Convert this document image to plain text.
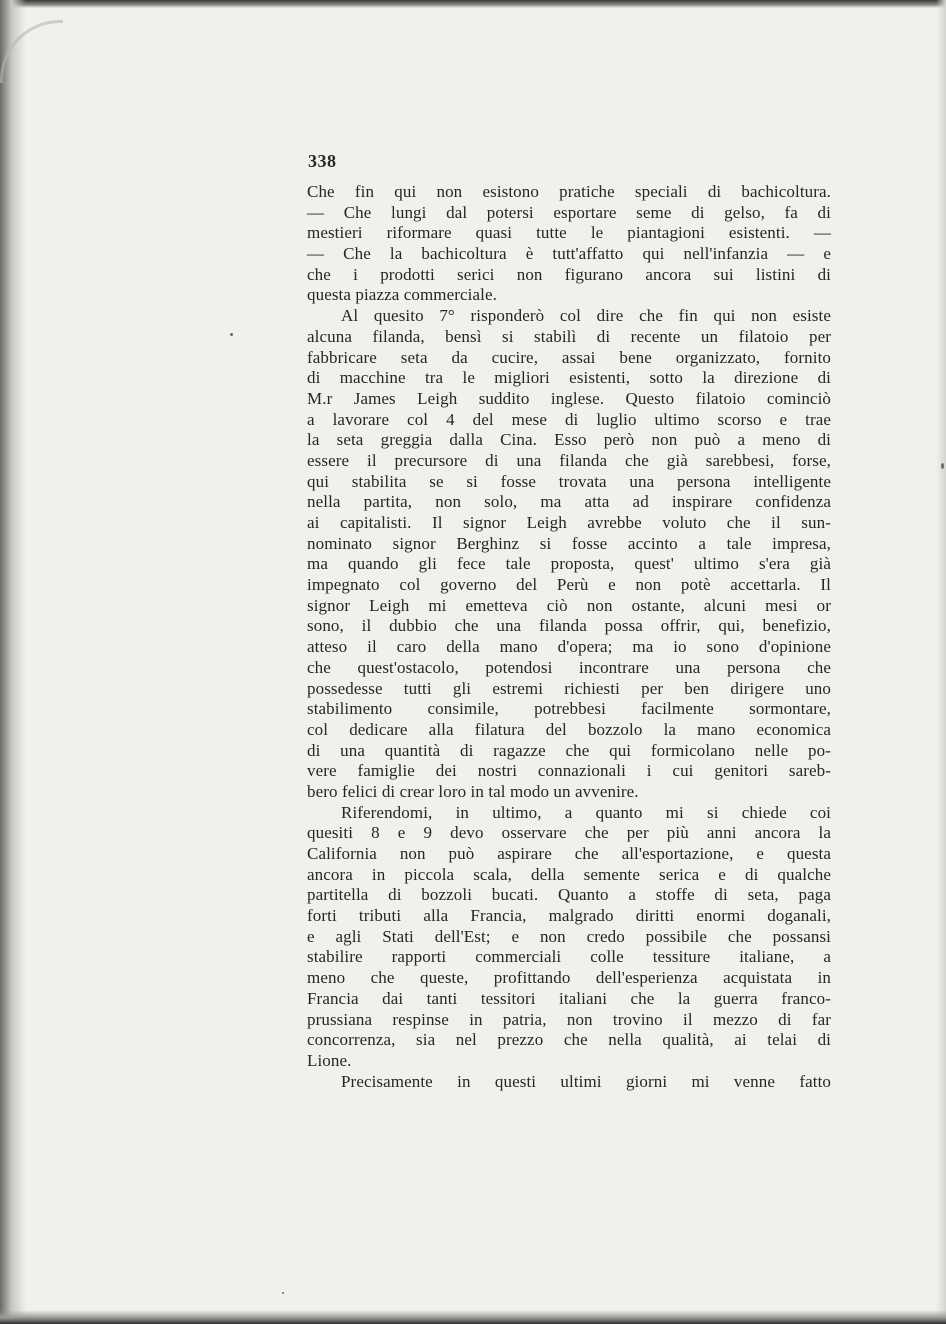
338
Che fin qui non esistono pratiche speciali di bachicoltura.
— Che lungi dal potersi esportare seme di gelso, fa di
mestieri riformare quasi tutte le piantagioni esistenti. —
— Che la bachicoltura è tutt'affatto qui nell'infanzia — e
che i prodotti serici non figurano ancora sui listini di
questa piazza commerciale.
Al quesito 7° risponderò col dire che fin qui non esiste
alcuna filanda, bensì si stabilì di recente un filatoio per
fabbricare seta da cucire, assai bene organizzato, fornito
di macchine tra le migliori esistenti, sotto la direzione di
M.r James Leigh suddito inglese. Questo filatoio cominciò
a lavorare col 4 del mese di luglio ultimo scorso e trae
la seta greggia dalla Cina. Esso però non può a meno di
essere il precursore di una filanda che già sarebbesi, forse,
qui stabilita se si fosse trovata una persona intelligente
nella partita, non solo, ma atta ad inspirare confidenza
ai capitalisti. Il signor Leigh avrebbe voluto che il sun-
nominato signor Berghinz si fosse accinto a tale impresa,
ma quando gli fece tale proposta, quest' ultimo s'era già
impegnato col governo del Perù e non potè accettarla. Il
signor Leigh mi emetteva ciò non ostante, alcuni mesi or
sono, il dubbio che una filanda possa offrir, qui, benefizio,
atteso il caro della mano d'opera; ma io sono d'opinione
che quest'ostacolo, potendosi incontrare una persona che
possedesse tutti gli estremi richiesti per ben dirigere uno
stabilimento consimile, potrebbesi facilmente sormontare,
col dedicare alla filatura del bozzolo la mano economica
di una quantità di ragazze che qui formicolano nelle po-
vere famiglie dei nostri connazionali i cui genitori sareb-
bero felici di crear loro in tal modo un avvenire.
Riferendomi, in ultimo, a quanto mi si chiede coi
quesiti 8 e 9 devo osservare che per più anni ancora la
California non può aspirare che all'esportazione, e questa
ancora in piccola scala, della semente serica e di qualche
partitella di bozzoli bucati. Quanto a stoffe di seta, paga
forti tributi alla Francia, malgrado diritti enormi doganali,
e agli Stati dell'Est; e non credo possibile che possansi
stabilire rapporti commerciali colle tessiture italiane, a
meno che queste, profittando dell'esperienza acquistata in
Francia dai tanti tessitori italiani che la guerra franco-
prussiana respinse in patria, non trovino il mezzo di far
concorrenza, sia nel prezzo che nella qualità, ai telai di
Lione.
Precisamente in questi ultimi giorni mi venne fatto
